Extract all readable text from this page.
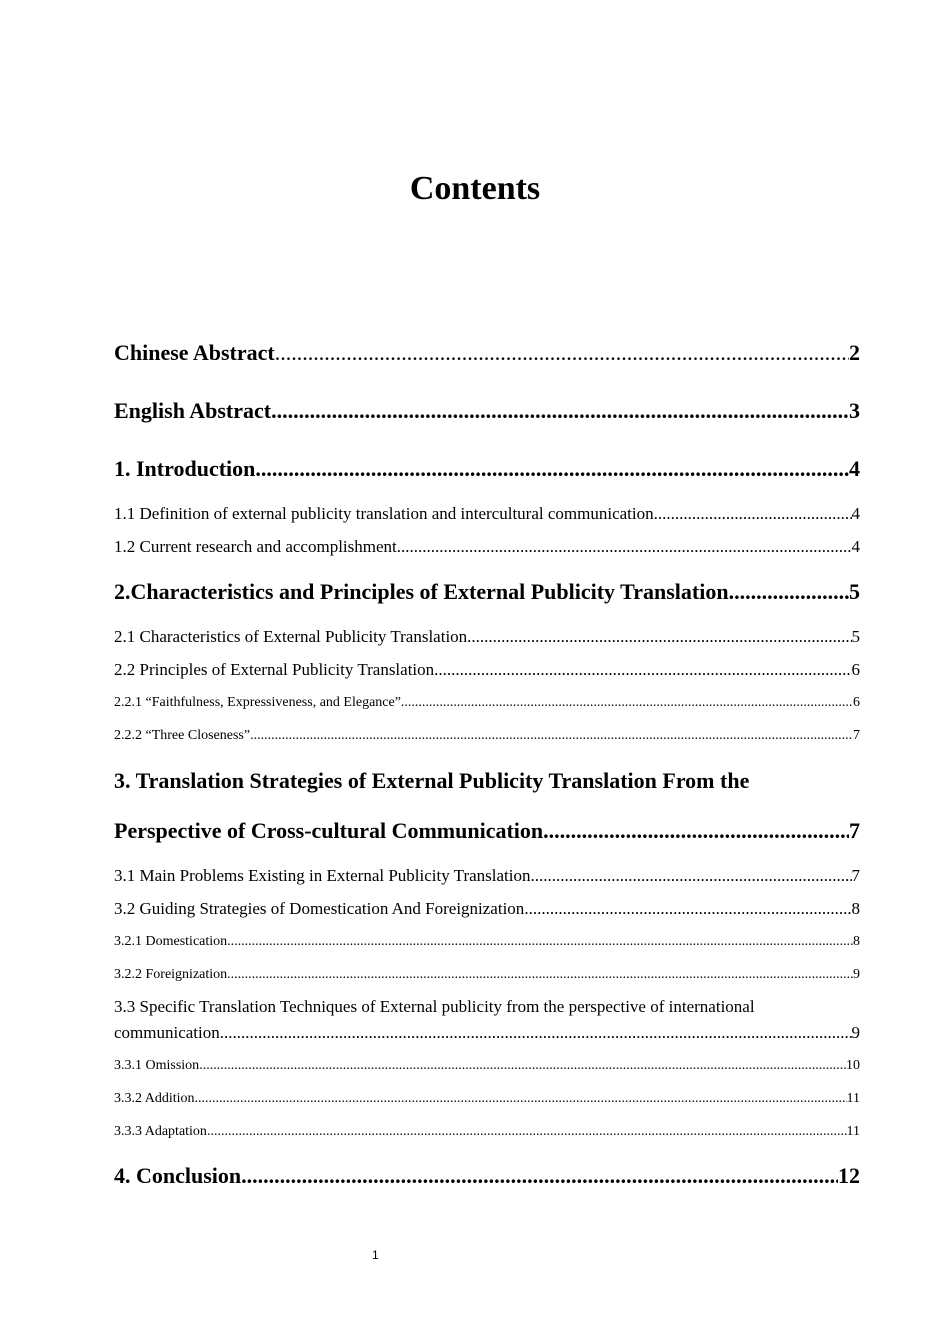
Contents
Chinese Abstract .....	2
English Abstract .....	3
1. Introduction .....	4
1.1 Definition of external publicity translation and intercultural communication .....	4
1.2 Current research and accomplishment .....	4
2.Characteristics and Principles of External Publicity Translation .....	5
2.1 Characteristics of External Publicity Translation .....	5
2.2 Principles of External Publicity Translation .....	6
2.2.1 “Faithfulness, Expressiveness, and Elegance” .....	6
2.2.2 “Three Closeness” .....	7
3. Translation Strategies of External Publicity Translation From the
Perspective of Cross-cultural Communication .....	7
3.1 Main Problems Existing in External Publicity Translation .....	7
3.2 Guiding Strategies of Domestication And Foreignization .....	8
3.2.1 Domestication .....	8
3.2.2 Foreignization .....	9
3.3 Specific Translation Techniques of External publicity from the perspective of international
communication .....	9
3.3.1 Omission .....	10
3.3.2 Addition .....	11
3.3.3 Adaptation .....	11
4. Conclusion .....	12
1
